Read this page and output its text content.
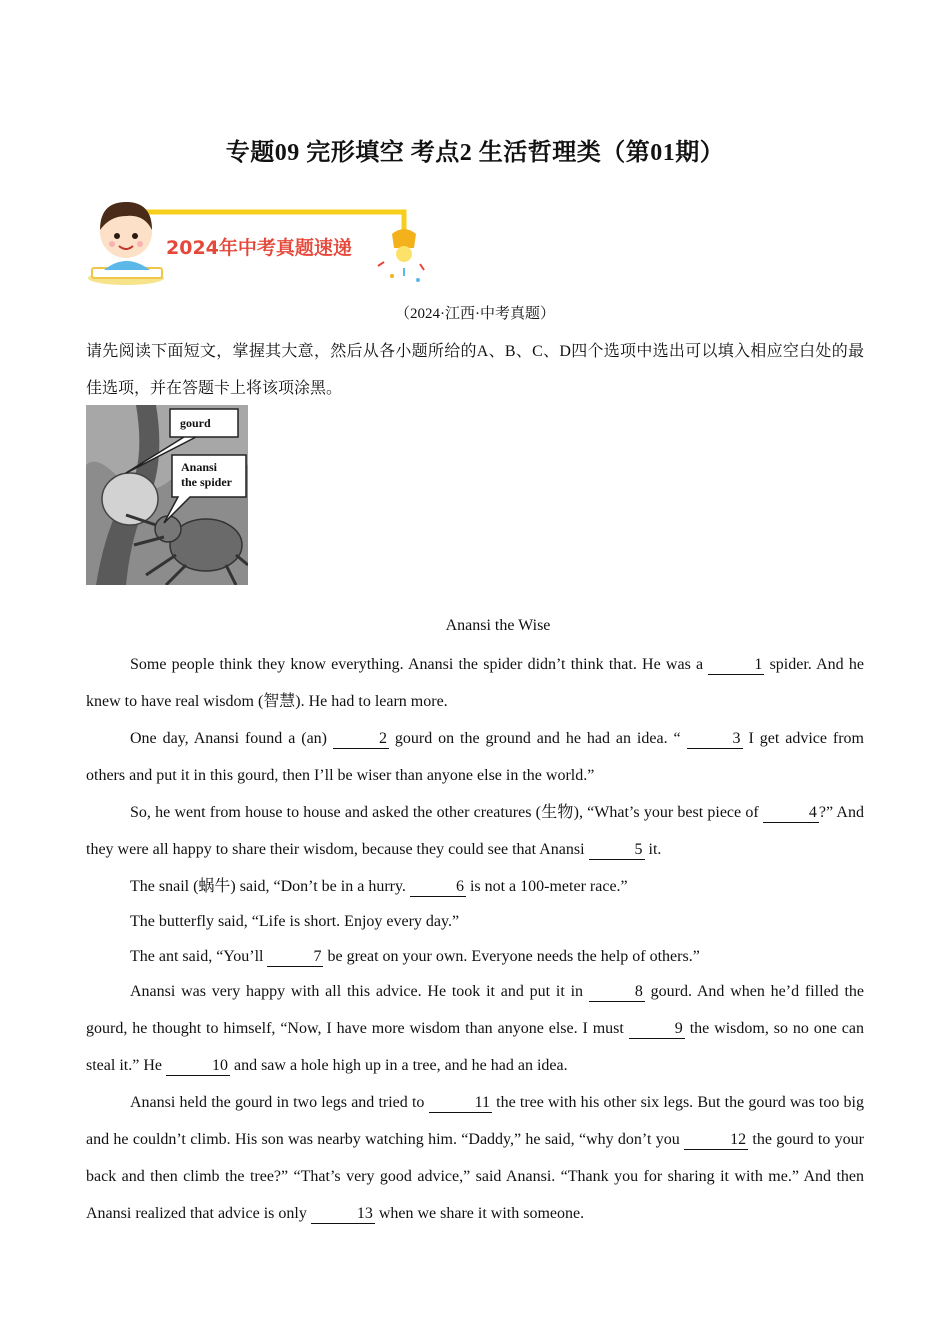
专题09 完形填空 考点2 生活哲理类（第01期）
2024年中考真题速递
（2024·江西·中考真题）
请先阅读下面短文，掌握其大意，然后从各小题所给的A、B、C、D四个选项中选出可以填入相应空白处的最佳选项，并在答题卡上将该项涂黑。
gourd
Anansi
the spider
Anansi the Wise

Some people think they know everything. Anansi the spider didn’t think that. He was a	1 spider. And he knew to have real wisdom (智慧). He had to learn more.

One day, Anansi found a (an)	2 gourd on the ground and he had an idea. “	3 I get advice from others and put it in this gourd, then I’ll be wiser than anyone else in the world.”

So, he went from house to house and asked the other creatures (生物), “What’s your best piece of	4 ?” And they were all happy to share their wisdom, because they could see that Anansi	5 it.

The snail (蜗牛) said, “Don’t be in a hurry.	6 is not a 100-meter race.”

The butterfly said, “Life is short. Enjoy every day.”

The ant said, “You’ll	7 be great on your own. Everyone needs the help of others.”

Anansi was very happy with all this advice. He took it and put it in	8 gourd. And when he’d filled the gourd, he thought to himself, “Now, I have more wisdom than anyone else. I must	9 the wisdom, so no one can steal it.” He	10 and saw a hole high up in a tree, and he had an idea.

Anansi held the gourd in two legs and tried to	11 the tree with his other six legs. But the gourd was too big and he couldn’t climb. His son was nearby watching him. “Daddy,” he said, “why don’t you	12 the gourd to your back and then climb the tree?” “That’s very good advice,” said Anansi. “Thank you for sharing it with me.” And then Anansi realized that advice is only	13 when we share it with someone.
